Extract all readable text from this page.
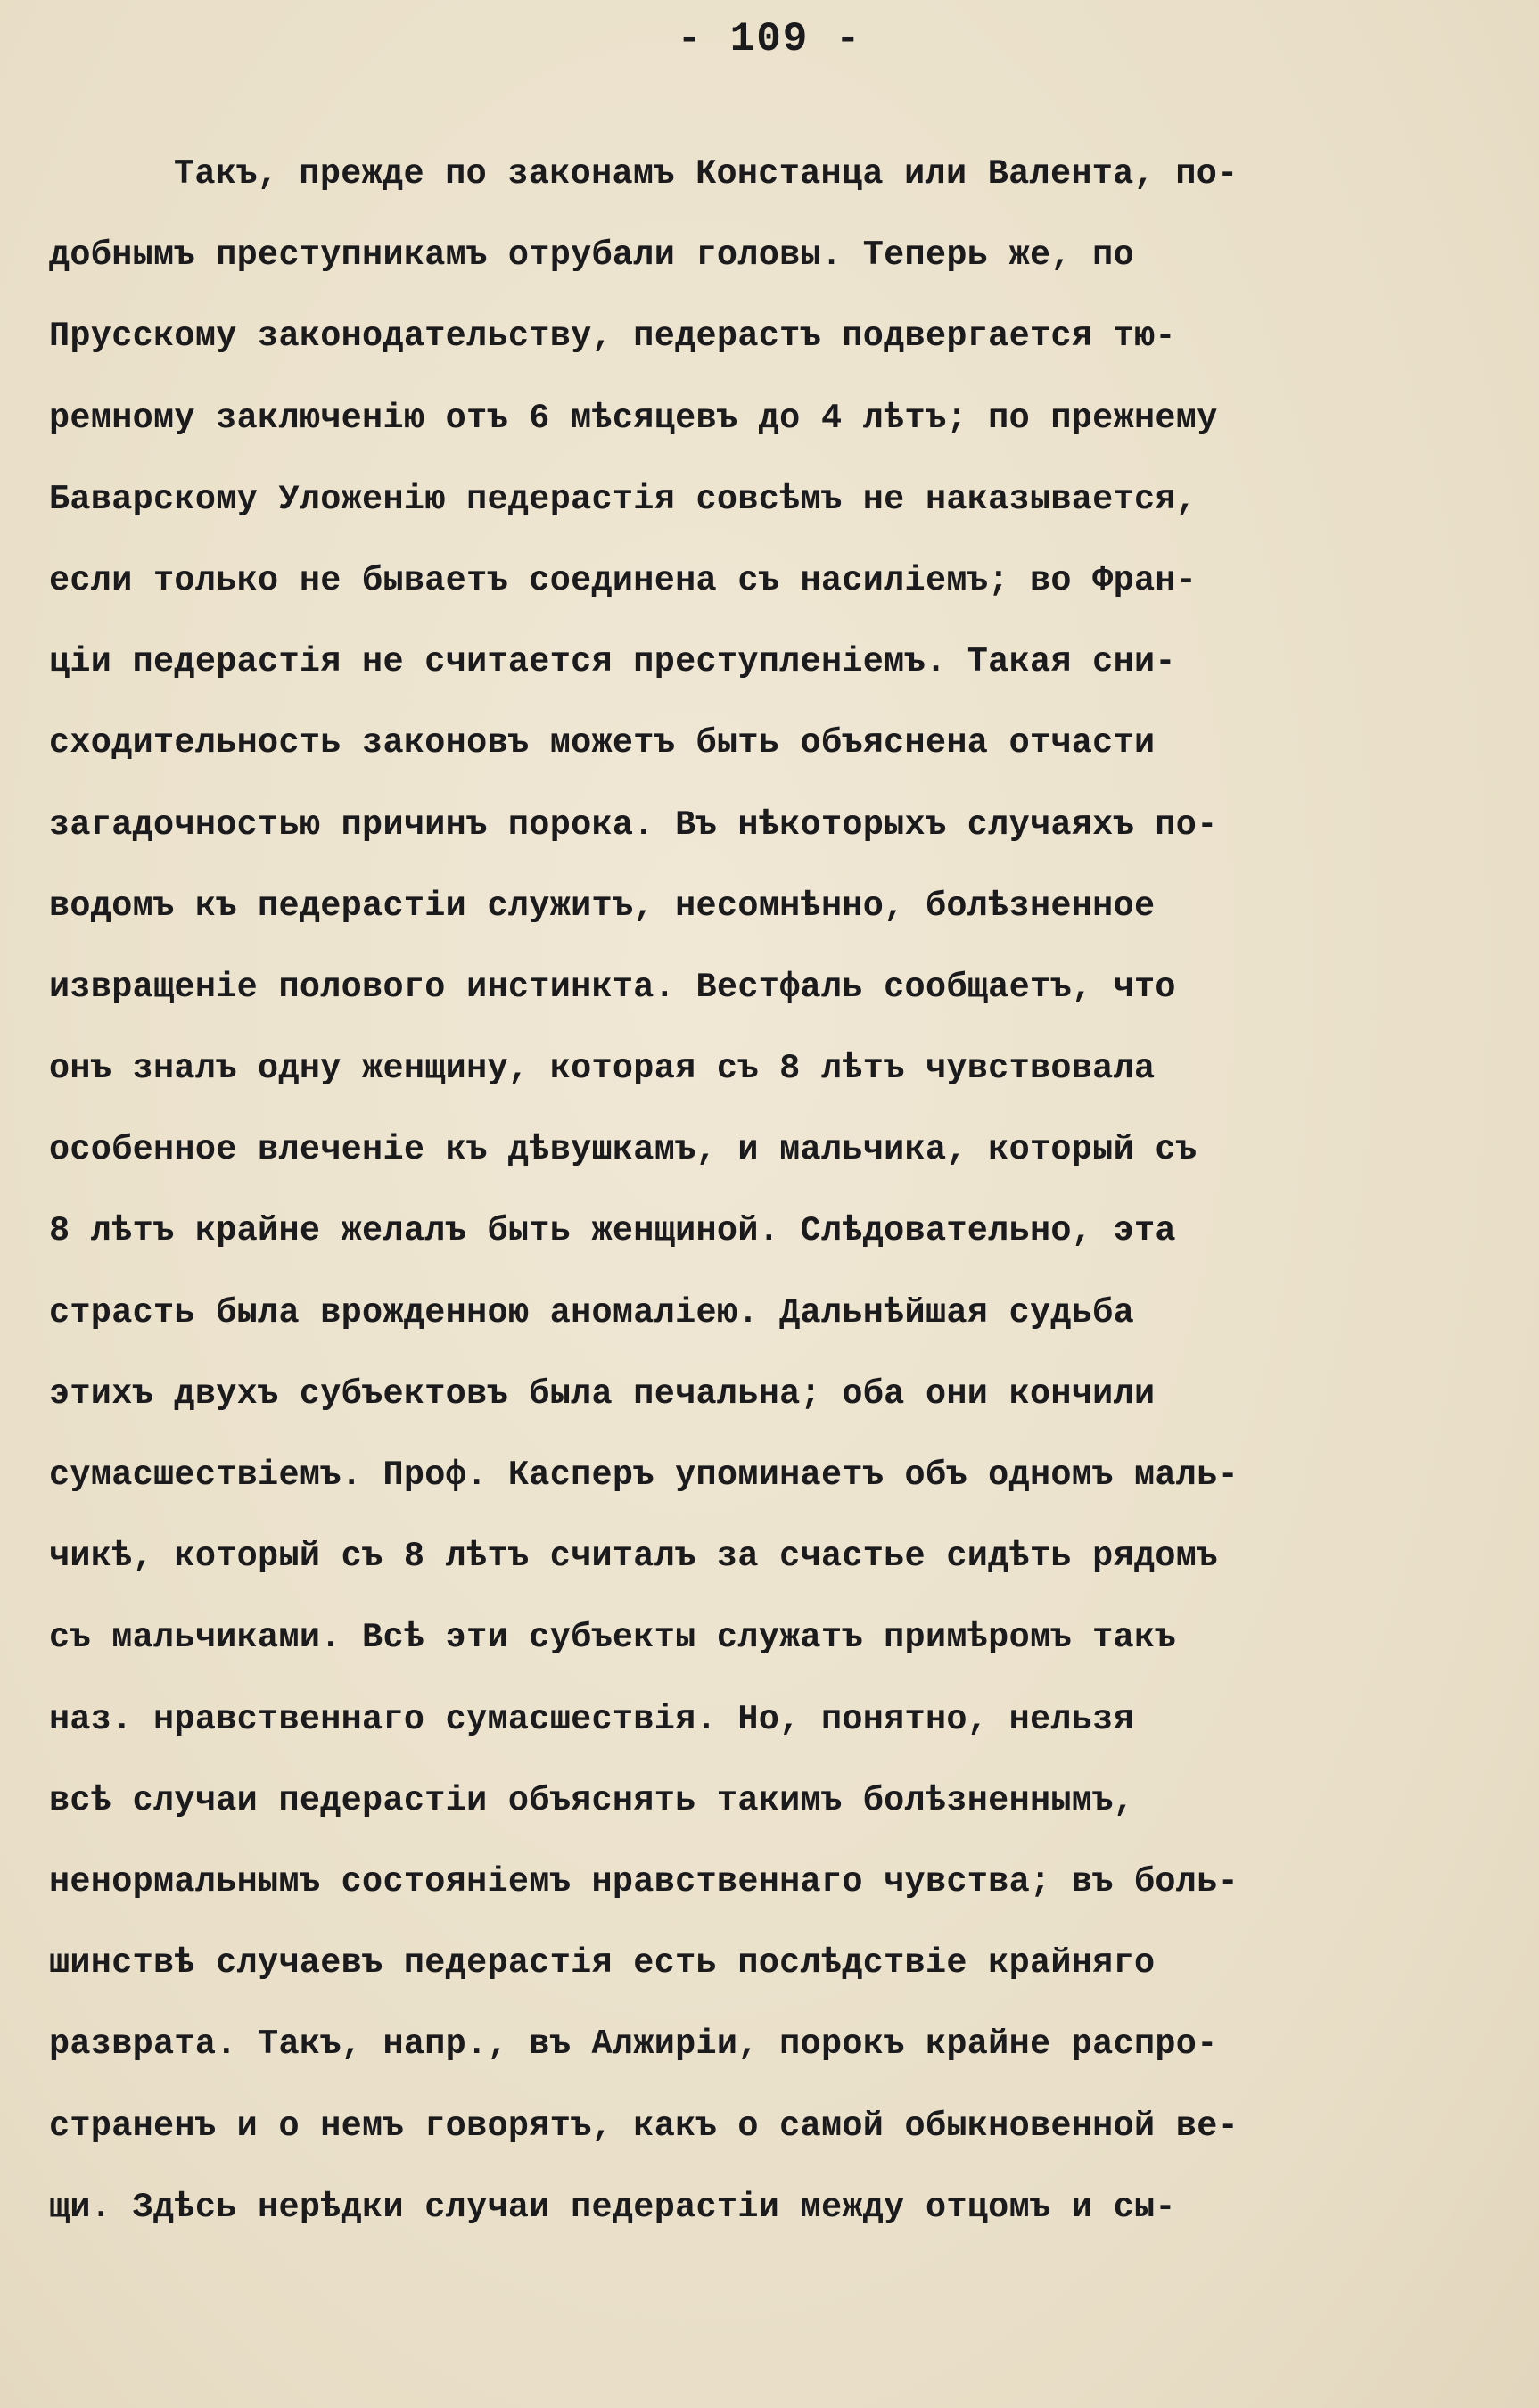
- 109 -
Такъ, прежде по законамъ Констанца или Валента, по-
добнымъ преступникамъ отрубали головы. Теперь же, по
Прусскому законодательству, педерастъ подвергается тю-
ремному заключенiю отъ 6 мѣсяцевъ до 4 лѣтъ; по прежнему
Баварскому Уложенiю педерастiя совсѣмъ не наказывается,
если только не бываетъ соединена съ насилiемъ; во Фран-
цiи педерастiя не считается преступленiемъ. Такая сни-
сходительность законовъ можетъ быть объяснена отчасти
загадочностью причинъ порока. Въ нѣкоторыхъ случаяхъ по-
водомъ къ педерастiи служитъ, несомнѣнно, болѣзненное
извращенiе полового инстинкта. Вестфаль сообщаетъ, что
онъ зналъ одну женщину, которая съ 8 лѣтъ чувствовала
особенное влеченiе къ дѣвушкамъ, и мальчика, который съ
8 лѣтъ крайне желалъ быть женщиной. Слѣдовательно, эта
страсть была врожденною аномалiею. Дальнѣйшая судьба
этихъ двухъ субъектовъ была печальна; оба они кончили
сумасшествiемъ. Проф. Касперъ упоминаетъ объ одномъ маль-
чикѣ, который съ 8 лѣтъ считалъ за счастье сидѣть рядомъ
съ мальчиками. Всѣ эти субъекты служатъ примѣромъ такъ
наз. нравственнаго сумасшествiя. Но, понятно, нельзя
всѣ случаи педерастiи объяснять такимъ болѣзненнымъ,
ненормальнымъ состоянiемъ нравственнаго чувства; въ боль-
шинствѣ случаевъ педерастiя есть послѣдствiе крайняго
разврата. Такъ, напр., въ Алжирiи, порокъ крайне распро-
страненъ и о немъ говорятъ, какъ о самой обыкновенной ве-
щи. Здѣсь нерѣдки случаи педерастiи между отцомъ и сы-
